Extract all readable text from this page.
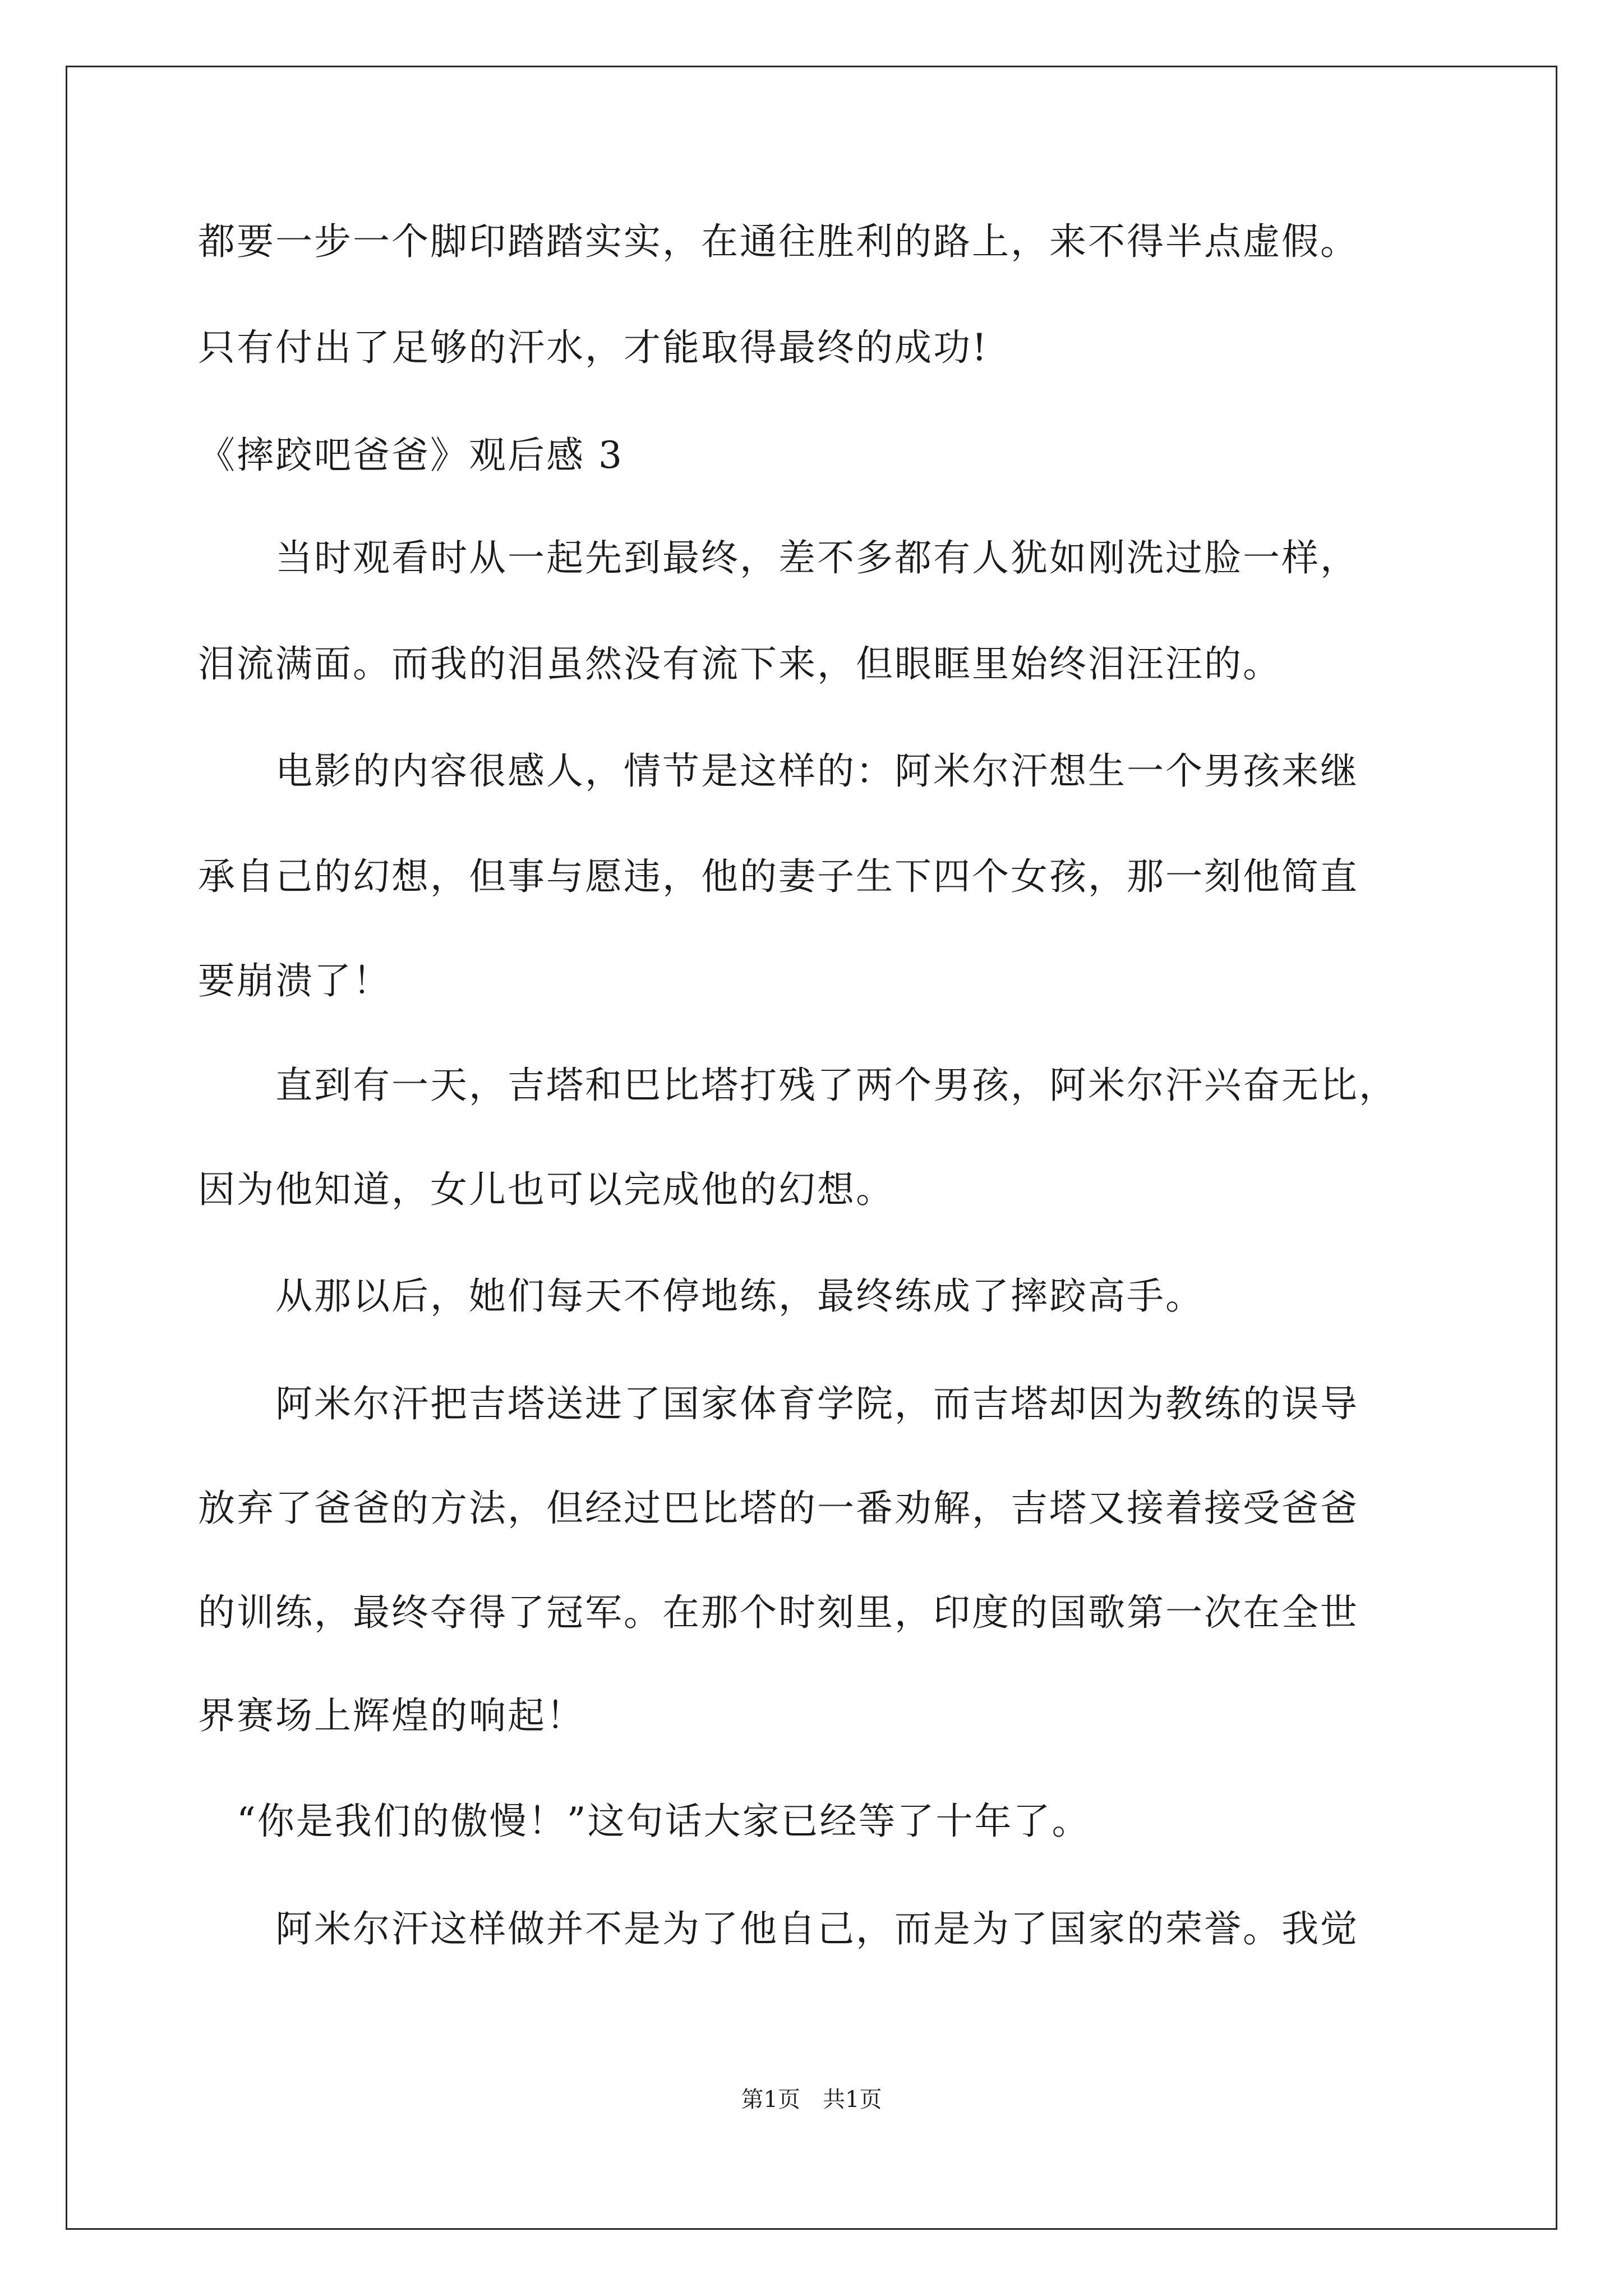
都要一步一个脚印踏踏实实，在通往胜利的路上，来不得半点虚假。
只有付出了足够的汗水，才能取得最终的成功!
《摔跤吧爸爸》观后感 3
　　当时观看时从一起先到最终，差不多都有人犹如刚洗过脸一样，
泪流满面。而我的泪虽然没有流下来，但眼眶里始终泪汪汪的。
　　电影的内容很感人，情节是这样的：阿米尔汗想生一个男孩来继
承自己的幻想，但事与愿违，他的妻子生下四个女孩，那一刻他简直
要崩溃了！
　　直到有一天，吉塔和巴比塔打残了两个男孩，阿米尔汗兴奋无比，
因为他知道，女儿也可以完成他的幻想。
　　从那以后，她们每天不停地练，最终练成了摔跤高手。
　　阿米尔汗把吉塔送进了国家体育学院，而吉塔却因为教练的误导
放弃了爸爸的方法，但经过巴比塔的一番劝解，吉塔又接着接受爸爸
的训练，最终夺得了冠军。在那个时刻里，印度的国歌第一次在全世
界赛场上辉煌的响起！
　“你是我们的傲慢！”这句话大家已经等了十年了。
　　阿米尔汗这样做并不是为了他自己，而是为了国家的荣誉。我觉
第1页　共1页
